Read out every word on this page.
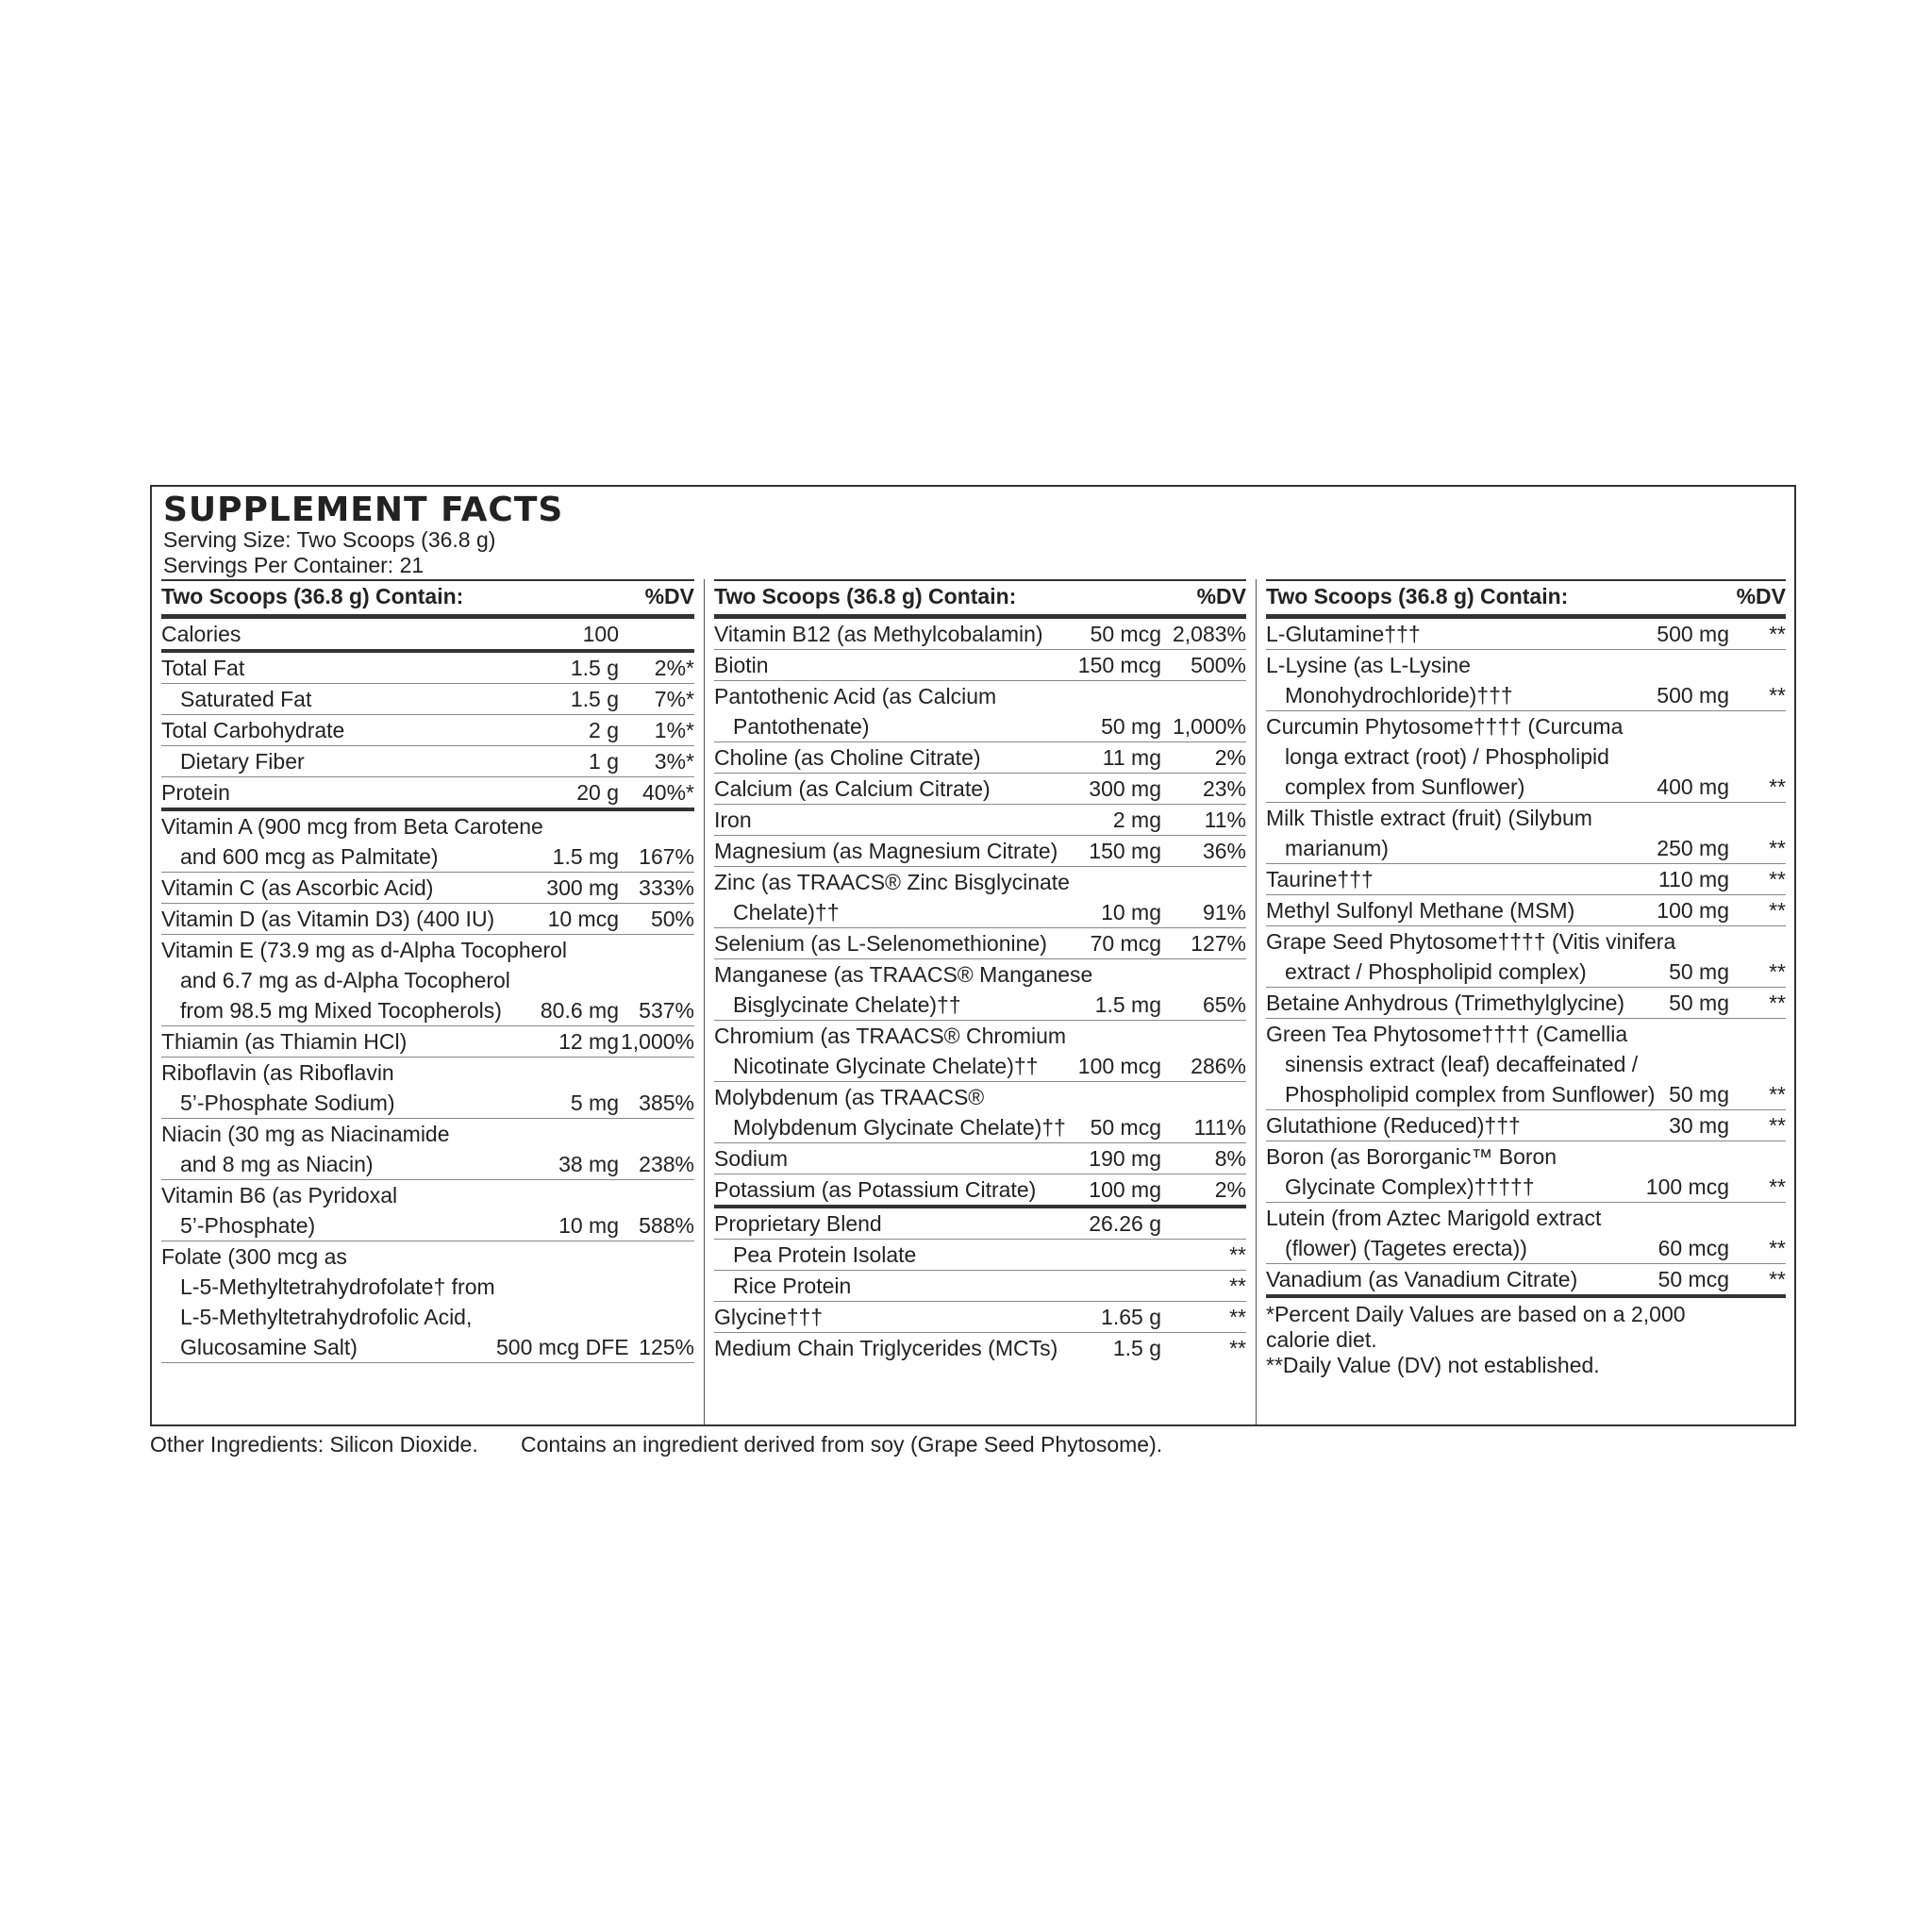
SUPPLEMENT FACTS
Serving Size: Two Scoops (36.8 g)
Servings Per Container: 21
Two Scoops (36.8 g) Contain:	%DV
Calories	100
Total Fat	1.5 g	2%*
Saturated Fat	1.5 g	7%*
Total Carbohydrate	2 g	1%*
Dietary Fiber	1 g	3%*
Protein	20 g	40%*
Vitamin A (900 mcg from Beta Carotene
and 600 mcg as Palmitate)	1.5 mg 167%
Vitamin C (as Ascorbic Acid)	300 mg 333%
Vitamin D (as Vitamin D3) (400 IU)	10 mcg	50%
Vitamin E (73.9 mg as d-Alpha Tocopherol
and 6.7 mg as d-Alpha Tocopherol
from 98.5 mg Mixed Tocopherols)	80.6 mg 537%
Thiamin (as Thiamin HCl)	12 mg 1,000%
Riboflavin (as Riboflavin
5’-Phosphate Sodium)	5 mg 385%
Niacin (30 mg as Niacinamide
and 8 mg as Niacin)	38 mg 238%
Vitamin B6 (as Pyridoxal
5’-Phosphate)	10 mg 588%
Folate (300 mcg as
L-5-Methyltetrahydrofolate† from
L-5-Methyltetrahydrofolic Acid,
Glucosamine Salt)	500 mcg DFE 125%
Two Scoops (36.8 g) Contain:	%DV
Vitamin B12 (as Methylcobalamin)	50 mcg 2,083%
Biotin	150 mcg	500%
Pantothenic Acid (as Calcium
Pantothenate)	50 mg 1,000%
Choline (as Choline Citrate)	11 mg	2%
Calcium (as Calcium Citrate)	300 mg	23%
Iron	2 mg	11%
Magnesium (as Magnesium Citrate)	150 mg	36%
Zinc (as TRAACS® Zinc Bisglycinate
Chelate)††	10 mg	91%
Selenium (as L-Selenomethionine)	70 mcg	127%
Manganese (as TRAACS® Manganese
Bisglycinate Chelate)††	1.5 mg	65%
Chromium (as TRAACS® Chromium
Nicotinate Glycinate Chelate)††	100 mcg	286%
Molybdenum (as TRAACS®
Molybdenum Glycinate Chelate)††	50 mcg	111%
Sodium	190 mg	8%
Potassium (as Potassium Citrate)	100 mg	2%
Proprietary Blend	26.26 g
Pea Protein Isolate	**
Rice Protein	**
Glycine†††	1.65 g	**
Medium Chain Triglycerides (MCTs)	1.5 g	**
Two Scoops (36.8 g) Contain:	%DV
L-Glutamine†††	500 mg	**
L-Lysine (as L-Lysine
Monohydrochloride)†††	500 mg	**
Curcumin Phytosome†††† (Curcuma
longa extract (root) / Phospholipid
complex from Sunflower)	400 mg	**
Milk Thistle extract (fruit) (Silybum
marianum)	250 mg	**
Taurine†††	110 mg	**
Methyl Sulfonyl Methane (MSM)	100 mg	**
Grape Seed Phytosome†††† (Vitis vinifera
extract / Phospholipid complex)	50 mg	**
Betaine Anhydrous (Trimethylglycine)	50 mg	**
Green Tea Phytosome†††† (Camellia
sinensis extract (leaf) decaffeinated /
Phospholipid complex from Sunflower) 50 mg	**
Glutathione (Reduced)†††	30 mg	**
Boron (as Bororganic™ Boron
Glycinate Complex)†††††	100 mcg	**
Lutein (from Aztec Marigold extract
(flower) (Tagetes erecta))	60 mcg	**
Vanadium (as Vanadium Citrate)	50 mcg	**
*Percent Daily Values are based on a 2,000
calorie diet.
**Daily Value (DV) not established.
Other Ingredients: Silicon Dioxide. Contains an ingredient derived from soy (Grape Seed Phytosome).
